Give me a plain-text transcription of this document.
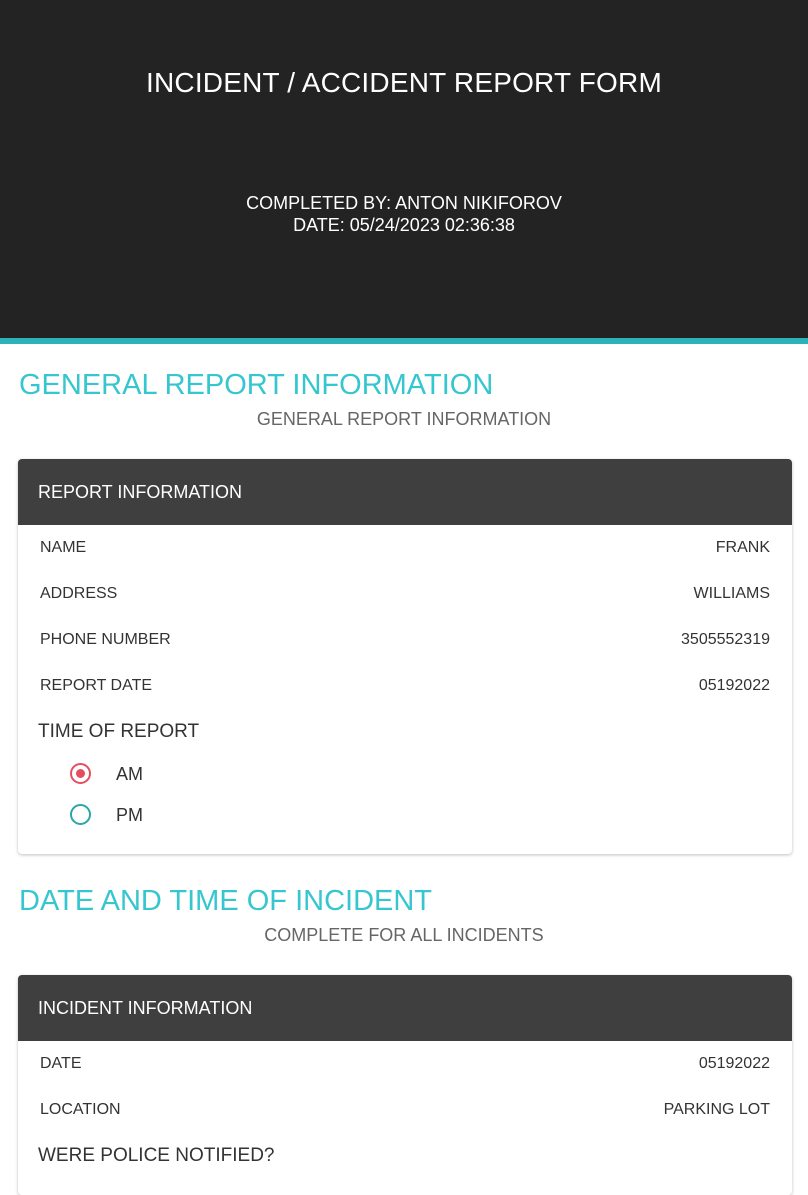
INCIDENT / ACCIDENT REPORT FORM
COMPLETED BY: ANTON NIKIFOROV
DATE: 05/24/2023 02:36:38
GENERAL REPORT INFORMATION
GENERAL REPORT INFORMATION
REPORT INFORMATION
NAME	FRANK
ADDRESS	WILLIAMS
PHONE NUMBER	3505552319
REPORT DATE	05192022
TIME OF REPORT
AM
PM
DATE AND TIME OF INCIDENT
COMPLETE FOR ALL INCIDENTS
INCIDENT INFORMATION
DATE	05192022
LOCATION	PARKING LOT
WERE POLICE NOTIFIED?
